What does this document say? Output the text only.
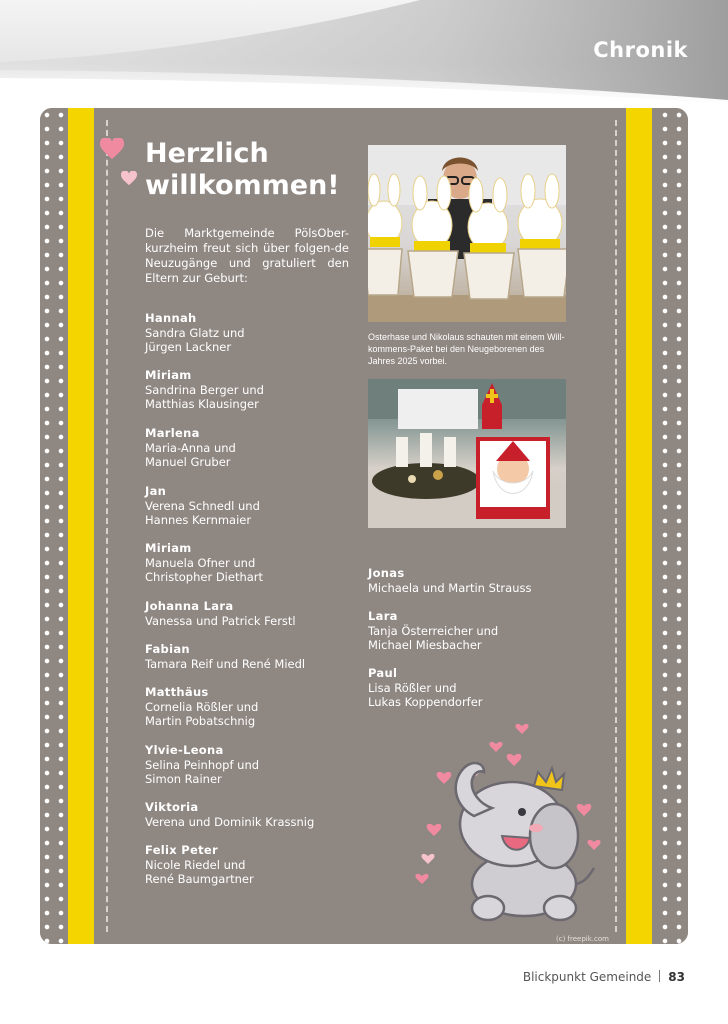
Chronik
Herzlich
willkommen!
Die Marktgemeinde PölsOber-kurzheim freut sich über folgen-de Neuzugänge und gratuliert den Eltern zur Geburt:
Hannah
Sandra Glatz und
Jürgen Lackner
Miriam
Sandrina Berger und
Matthias Klausinger
Marlena
Maria-Anna und
Manuel Gruber
Jan
Verena Schnedl und
Hannes Kernmaier
Miriam
Manuela Ofner und
Christopher Diethart
Johanna Lara
Vanessa und Patrick Ferstl
Fabian
Tamara Reif und René Miedl
Matthäus
Cornelia Rößler und
Martin Pobatschnig
Ylvie-Leona
Selina Peinhopf und
Simon Rainer
Viktoria
Verena und Dominik Krassnig
Felix Peter
Nicole Riedel und
René Baumgartner
Osterhase und Nikolaus schauten mit einem Will-kommens-Paket bei den Neugeborenen des Jahres 2025 vorbei.
Jonas
Michaela und Martin Strauss
Lara
Tanja Österreicher und
Michael Miesbacher
Paul
Lisa Rößler und
Lukas Koppendorfer
(c) freepik.com
Blickpunkt Gemeinde 83
